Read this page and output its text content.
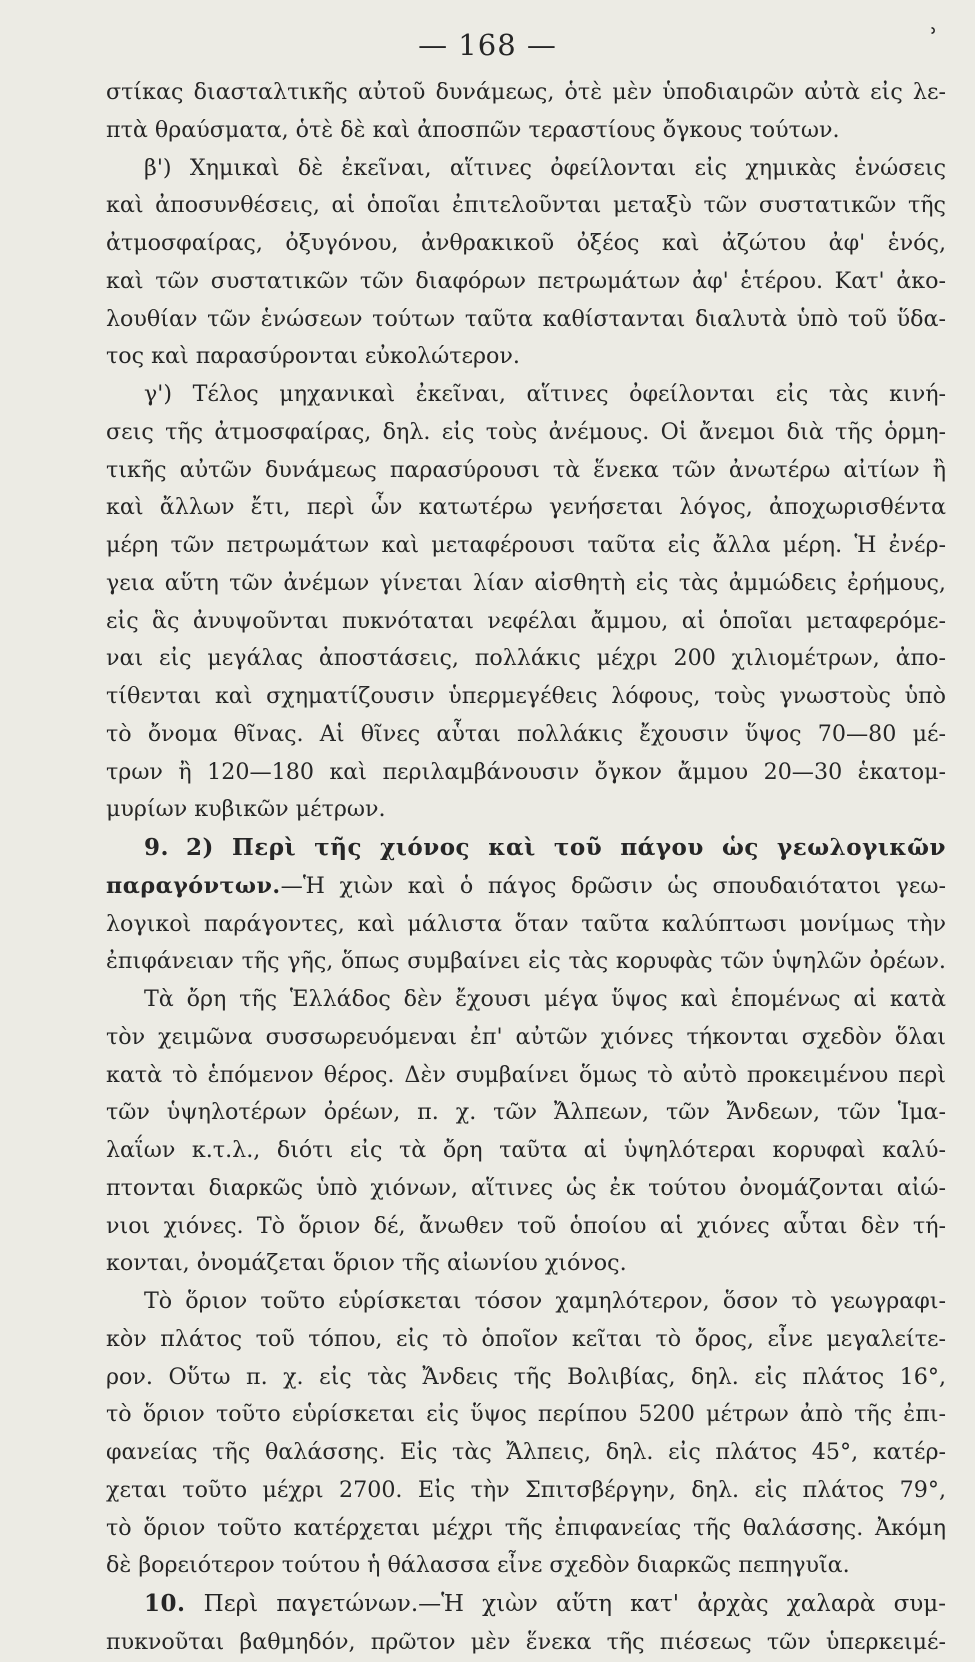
— 168 —	ʾ

στίκας διασταλτικῆς αὐτοῦ δυνάμεως, ὁτὲ μὲν ὑποδιαιρῶν αὐτὰ εἰς λε-

πτὰ θραύσματα, ὁτὲ δὲ καὶ ἀποσπῶν τεραστίους ὄγκους τούτων.

β') Χημικαὶ δὲ ἐκεῖναι, αἵτινες ὀφείλονται εἰς χημικὰς ἑνώσεις

καὶ ἀποσυνθέσεις, αἱ ὁποῖαι ἐπιτελοῦνται μεταξὺ τῶν συστατικῶν τῆς

ἀτμοσφαίρας, ὀξυγόνου, ἀνθρακικοῦ ὀξέος καὶ ἀζώτου ἀφ' ἑνός,

καὶ τῶν συστατικῶν τῶν διαφόρων πετρωμάτων ἀφ' ἑτέρου. Κατ' ἀκο-

λουθίαν τῶν ἑνώσεων τούτων ταῦτα καθίστανται διαλυτὰ ὑπὸ τοῦ ὕδα-

τος καὶ παρασύρονται εὐκολώτερον.

γ') Τέλος μηχανικαὶ ἐκεῖναι, αἵτινες ὀφείλονται εἰς τὰς κινή-

σεις τῆς ἀτμοσφαίρας, δηλ. εἰς τοὺς ἀνέμους. Οἱ ἄνεμοι διὰ τῆς ὁρμη-

τικῆς αὐτῶν δυνάμεως παρασύρουσι τὰ ἕνεκα τῶν ἀνωτέρω αἰτίων ἢ

καὶ ἄλλων ἔτι, περὶ ὧν κατωτέρω γενήσεται λόγος, ἀποχωρισθέντα

μέρη τῶν πετρωμάτων καὶ μεταφέρουσι ταῦτα εἰς ἄλλα μέρη. Ἡ ἐνέρ-

γεια αὕτη τῶν ἀνέμων γίνεται λίαν αἰσθητὴ εἰς τὰς ἀμμώδεις ἐρήμους,

εἰς ἃς ἀνυψοῦνται πυκνόταται νεφέλαι ἄμμου, αἱ ὁποῖαι μεταφερόμε-

ναι εἰς μεγάλας ἀποστάσεις, πολλάκις μέχρι 200 χιλιομέτρων, ἀπο-

τίθενται καὶ σχηματίζουσιν ὑπερμεγέθεις λόφους, τοὺς γνωστοὺς ὑπὸ

τὸ ὄνομα θῖνας. Αἱ θῖνες αὗται πολλάκις ἔχουσιν ὕψος 70—80 μέ-

τρων ἢ 120—180 καὶ περιλαμβάνουσιν ὄγκον ἄμμου 20—30 ἑκατομ-

μυρίων κυβικῶν μέτρων.

9. 2) Περὶ τῆς χιόνος καὶ τοῦ πάγου ὡς γεωλογικῶν

παραγόντων.—Ἡ χιὼν καὶ ὁ πάγος δρῶσιν ὡς σπουδαιότατοι γεω-

λογικοὶ παράγοντες, καὶ μάλιστα ὅταν ταῦτα καλύπτωσι μονίμως τὴν

ἐπιφάνειαν τῆς γῆς, ὅπως συμβαίνει εἰς τὰς κορυφὰς τῶν ὑψηλῶν ὀρέων.

Τὰ ὄρη τῆς Ἑλλάδος δὲν ἔχουσι μέγα ὕψος καὶ ἑπομένως αἱ κατὰ

τὸν χειμῶνα συσσωρευόμεναι ἐπ' αὐτῶν χιόνες τήκονται σχεδὸν ὅλαι

κατὰ τὸ ἑπόμενον θέρος. Δὲν συμβαίνει ὅμως τὸ αὐτὸ προκειμένου περὶ

τῶν ὑψηλοτέρων ὀρέων, π. χ. τῶν Ἄλπεων, τῶν Ἄνδεων, τῶν Ἱμα-

λαΐων κ.τ.λ., διότι εἰς τὰ ὄρη ταῦτα αἱ ὑψηλότεραι κορυφαὶ καλύ-

πτονται διαρκῶς ὑπὸ χιόνων, αἵτινες ὡς ἐκ τούτου ὀνομάζονται αἰώ-

νιοι χιόνες. Τὸ ὅριον δέ, ἄνωθεν τοῦ ὁποίου αἱ χιόνες αὗται δὲν τή-

κονται, ὀνομάζεται ὅριον τῆς αἰωνίου χιόνος.

Τὸ ὅριον τοῦτο εὑρίσκεται τόσον χαμηλότερον, ὅσον τὸ γεωγραφι-

κὸν πλάτος τοῦ τόπου, εἰς τὸ ὁποῖον κεῖται τὸ ὄρος, εἶνε μεγαλείτε-

ρον. Οὕτω π. χ. εἰς τὰς Ἄνδεις τῆς Βολιβίας, δηλ. εἰς πλάτος 16°,

τὸ ὅριον τοῦτο εὑρίσκεται εἰς ὕψος περίπου 5200 μέτρων ἀπὸ τῆς ἐπι-

φανείας τῆς θαλάσσης. Εἰς τὰς Ἄλπεις, δηλ. εἰς πλάτος 45°, κατέρ-

χεται τοῦτο μέχρι 2700. Εἰς τὴν Σπιτσβέργην, δηλ. εἰς πλάτος 79°,

τὸ ὅριον τοῦτο κατέρχεται μέχρι τῆς ἐπιφανείας τῆς θαλάσσης. Ἀκόμη

δὲ βορειότερον τούτου ἡ θάλασσα εἶνε σχεδὸν διαρκῶς πεπηγυῖα.

10. Περὶ παγετώνων.—Ἡ χιὼν αὕτη κατ' ἀρχὰς χαλαρὰ συμ-

πυκνοῦται βαθμηδόν, πρῶτον μὲν ἕνεκα τῆς πιέσεως τῶν ὑπερκειμέ-
